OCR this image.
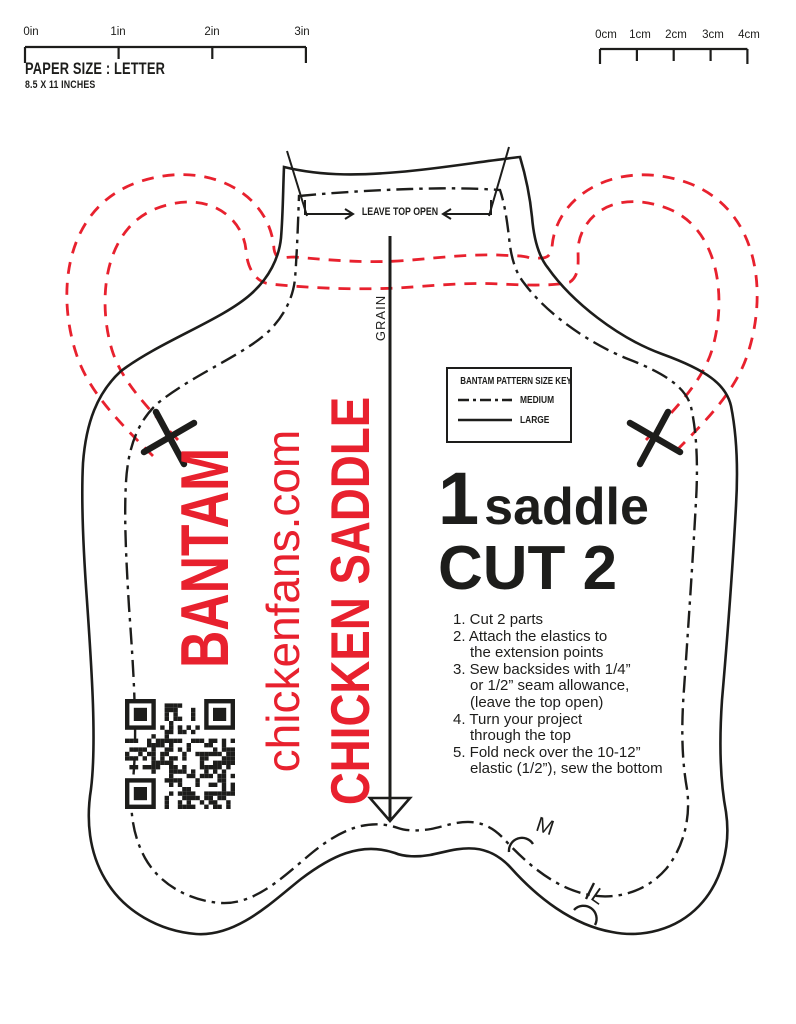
0in	1in	2in	3in	0cm 1cm 2cm 3cm 4cm
PAPER SIZE : LETTER
8.5 X 11 INCHES
LEAVE TOP OPEN
GRAIN
BANTAM chickenfans.com CHICKEN SADDLE
BANTAM PATTERN SIZE KEY
MEDIUM
LARGE
1 saddle
CUT 2
1. Cut 2 parts
2. Attach the elastics to
the extension points
3. Sew backsides with 1/4”
or 1/2” seam allowance,
(leave the top open)
4. Turn your project
through the top
5. Fold neck over the 10-12”
elastic (1/2”), sew the bottom
M
L
